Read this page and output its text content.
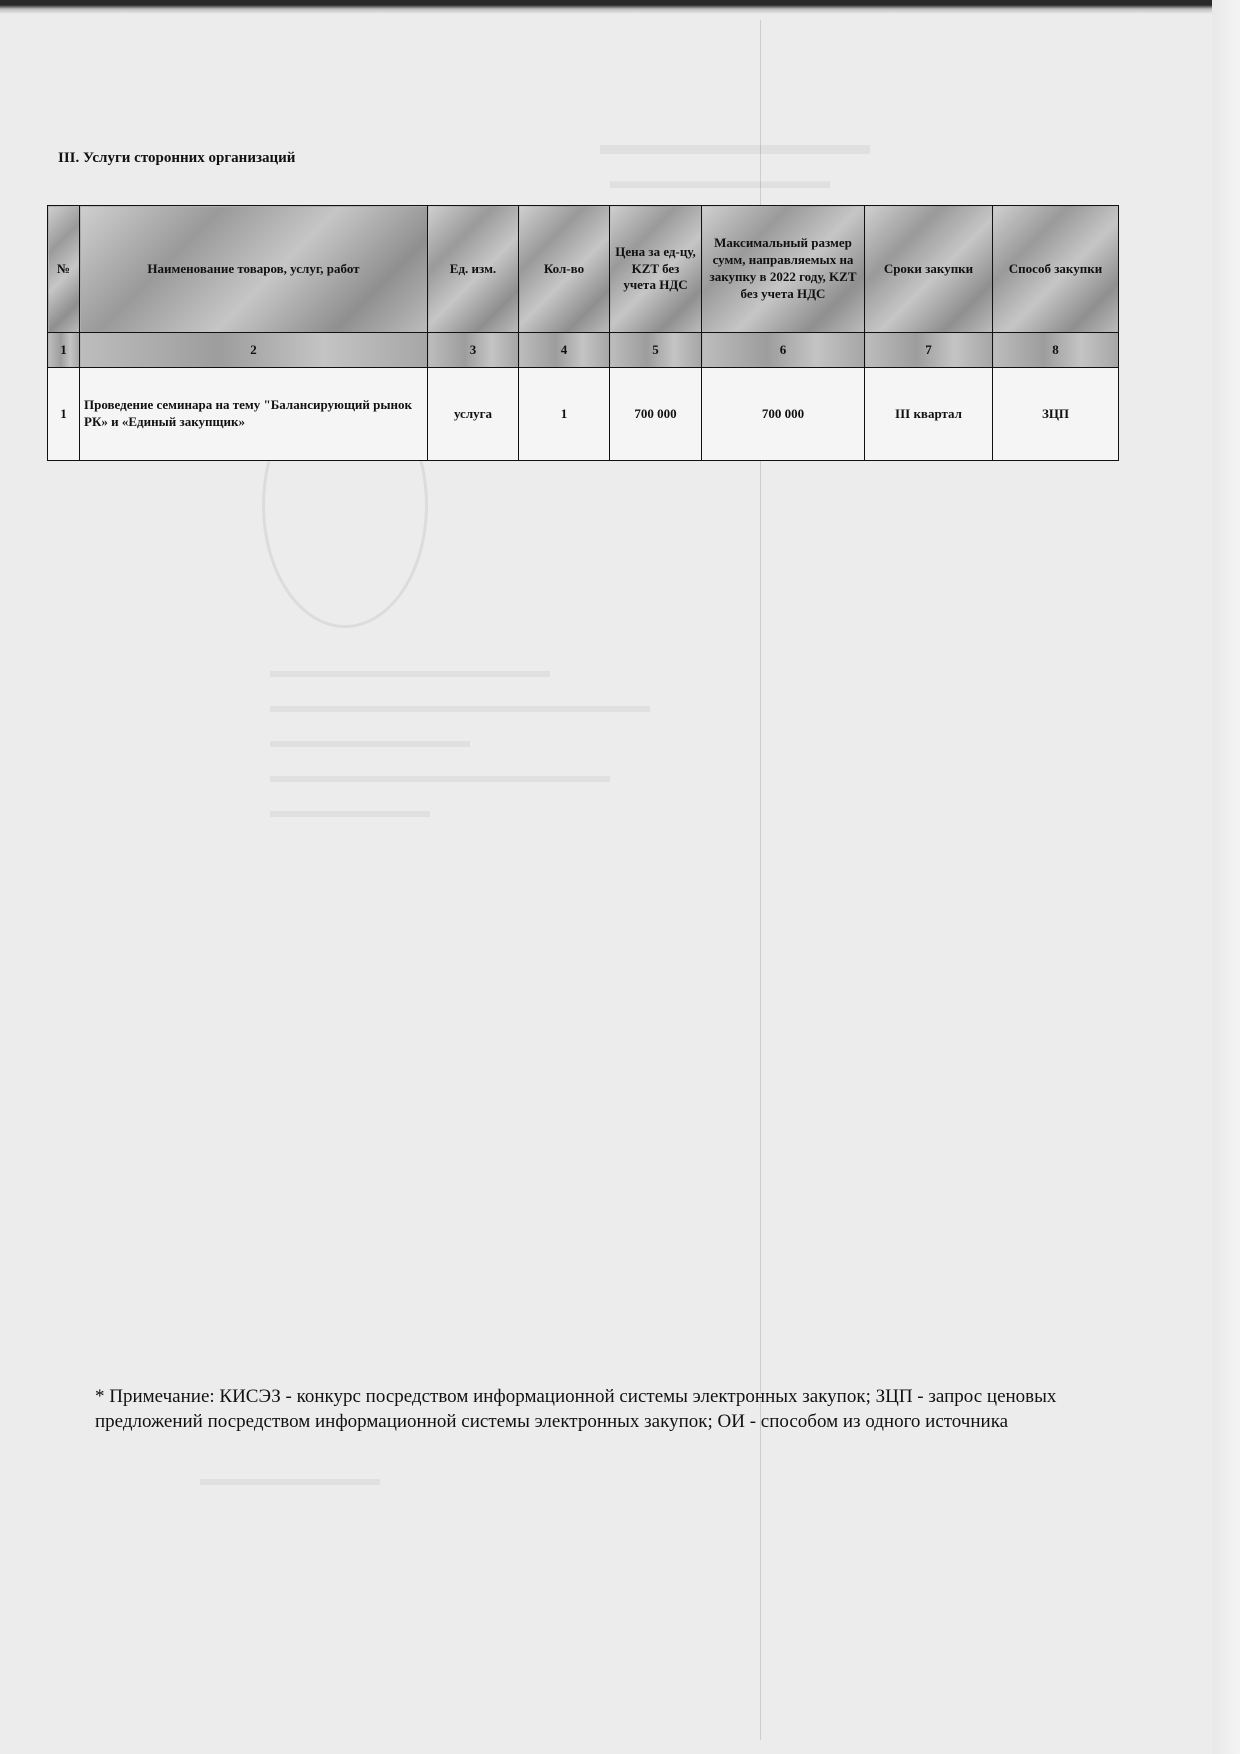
▬▬▬▬▬▬▬▬▬
▬▬▬▬▬▬▬▬▬▬
▬▬▬▬▬▬▬▬▬▬▬▬▬▬
▬▬▬▬▬▬▬▬▬▬▬▬▬▬▬▬▬▬▬
▬▬▬▬▬▬▬▬▬▬
▬▬▬▬▬▬▬▬▬▬▬▬▬▬▬▬▬
▬▬▬▬▬▬▬▬
▬▬▬▬▬▬▬▬▬
III. Услуги сторонних организаций
№	Наименование товаров, услуг, работ	Ед. изм.	Кол-во	Цена за ед-цу, KZT без учета НДС	Максимальный размер сумм, направляемых на закупку в 2022 году, KZT без учета НДС	Сроки закупки	Способ закупки
1	2	3	4	5	6	7	8
1	Проведение семинара на тему "Балансирующий рынок РК» и «Единый закупщик»	услуга	1	700 000	700 000	III квартал	ЗЦП
* Примечание: КИСЭЗ - конкурс посредством информационной системы электронных закупок; ЗЦП - запрос ценовых предложений посредством информационной системы электронных закупок; ОИ - способом из одного источника
